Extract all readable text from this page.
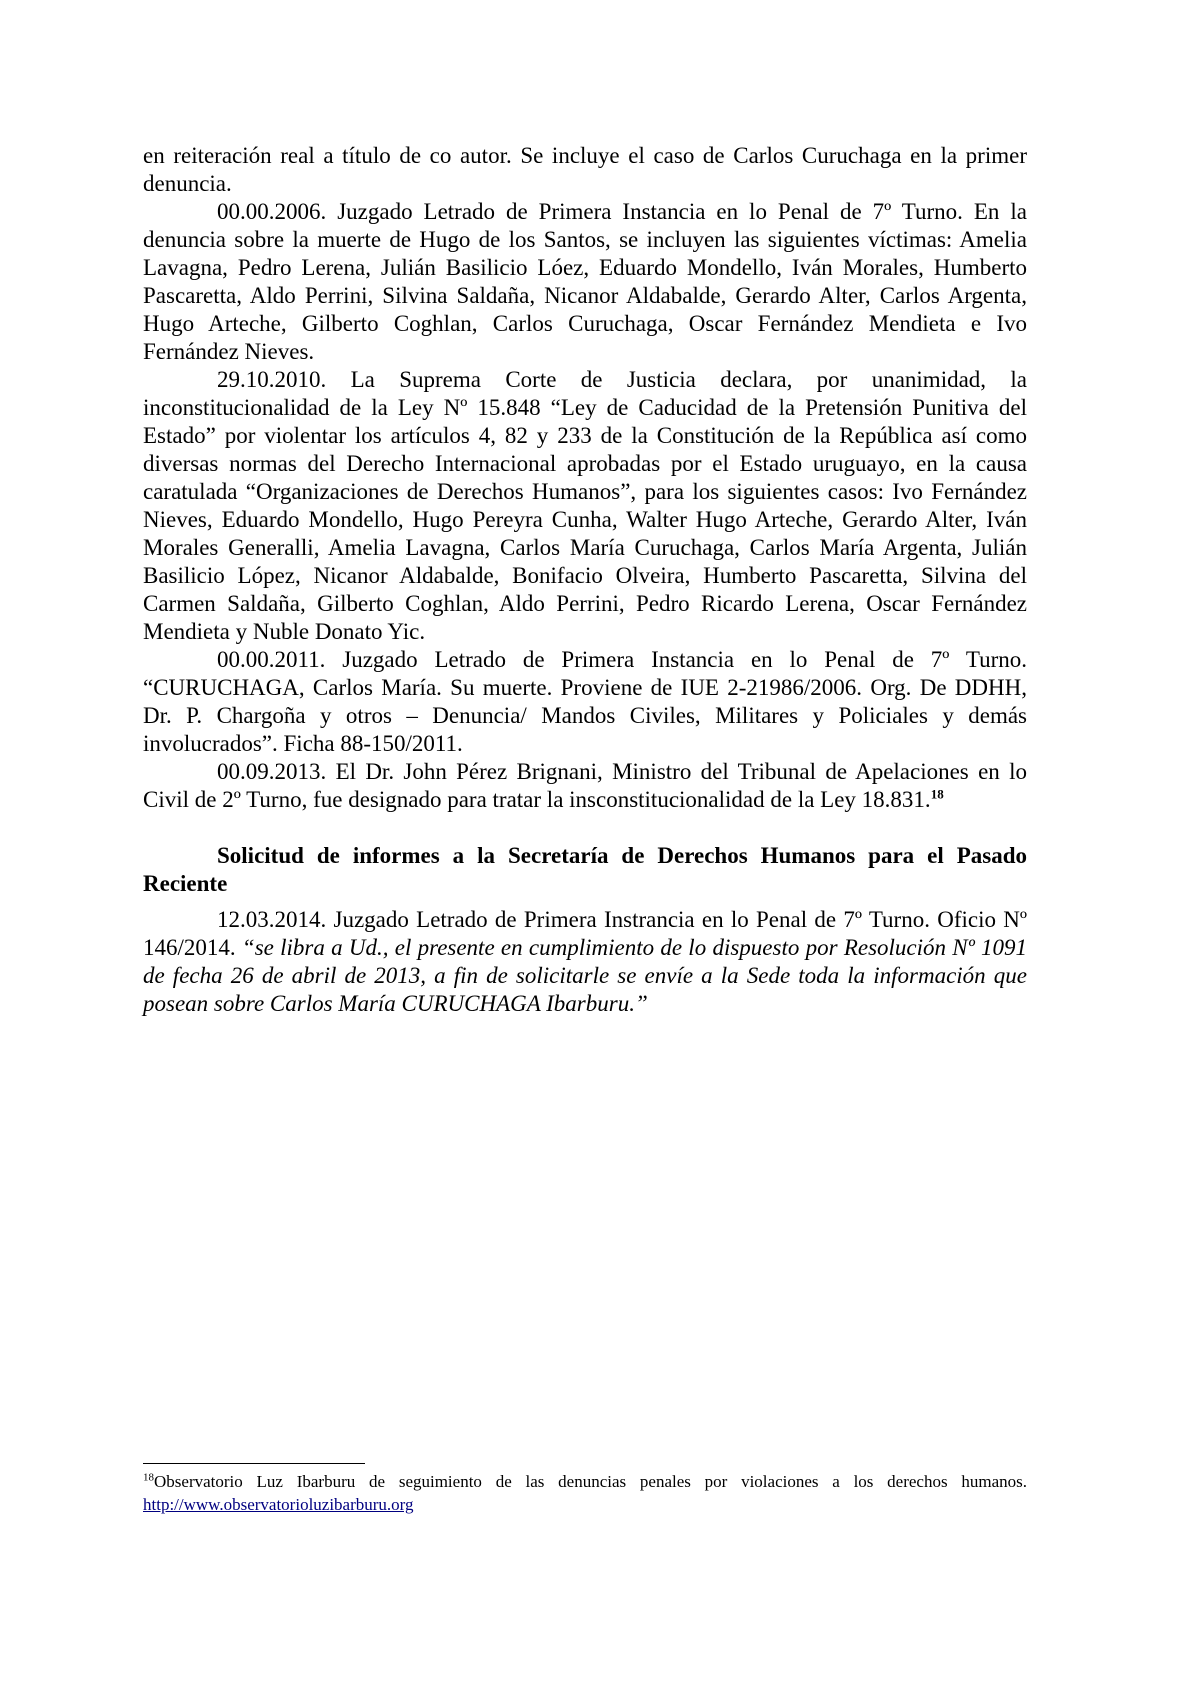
en reiteración real a título de co autor. Se incluye el caso de Carlos Curuchaga en la primer denuncia.

00.00.2006. Juzgado Letrado de Primera Instancia en lo Penal de 7º Turno. En la denuncia sobre la muerte de Hugo de los Santos, se incluyen las siguientes víctimas: Amelia Lavagna, Pedro Lerena, Julián Basilicio Lóez, Eduardo Mondello, Iván Morales, Humberto Pascaretta, Aldo Perrini, Silvina Saldaña, Nicanor Aldabalde, Gerardo Alter, Carlos Argenta, Hugo Arteche, Gilberto Coghlan, Carlos Curuchaga, Oscar Fernández Mendieta e Ivo Fernández Nieves.

29.10.2010. La Suprema Corte de Justicia declara, por unanimidad, la inconstitucionalidad de la Ley Nº 15.848 “Ley de Caducidad de la Pretensión Punitiva del Estado” por violentar los artículos 4, 82 y 233 de la Constitución de la República así como diversas normas del Derecho Internacional aprobadas por el Estado uruguayo, en la causa caratulada “Organizaciones de Derechos Humanos”, para los siguientes casos: Ivo Fernández Nieves, Eduardo Mondello, Hugo Pereyra Cunha, Walter Hugo Arteche, Gerardo Alter, Iván Morales Generalli, Amelia Lavagna, Carlos María Curuchaga, Carlos María Argenta, Julián Basilicio López, Nicanor Aldabalde, Bonifacio Olveira, Humberto Pascaretta, Silvina del Carmen Saldaña, Gilberto Coghlan, Aldo Perrini, Pedro Ricardo Lerena, Oscar Fernández Mendieta y Nuble Donato Yic.

00.00.2011. Juzgado Letrado de Primera Instancia en lo Penal de 7º Turno. “CURUCHAGA, Carlos María. Su muerte. Proviene de IUE 2-21986/2006. Org. De DDHH, Dr. P. Chargoña y otros – Denuncia/ Mandos Civiles, Militares y Policiales y demás involucrados”. Ficha 88-150/2011.

00.09.2013. El Dr. John Pérez Brignani, Ministro del Tribunal de Apelaciones en lo Civil de 2º Turno, fue designado para tratar la insconstitucionalidad de la Ley 18.831.18

Solicitud de informes a la Secretaría de Derechos Humanos para el Pasado Reciente

12.03.2014. Juzgado Letrado de Primera Instrancia en lo Penal de 7º Turno. Oficio Nº 146/2014. “se libra a Ud., el presente en cumplimiento de lo dispuesto por Resolución Nº 1091 de fecha 26 de abril de 2013, a fin de solicitarle se envíe a la Sede toda la información que posean sobre Carlos María CURUCHAGA Ibarburu.”

$^{18}$Observatorio Luz Ibarburu de seguimiento de las denuncias penales por violaciones a los derechos humanos. http://www.observatorioluzibarburu.org
